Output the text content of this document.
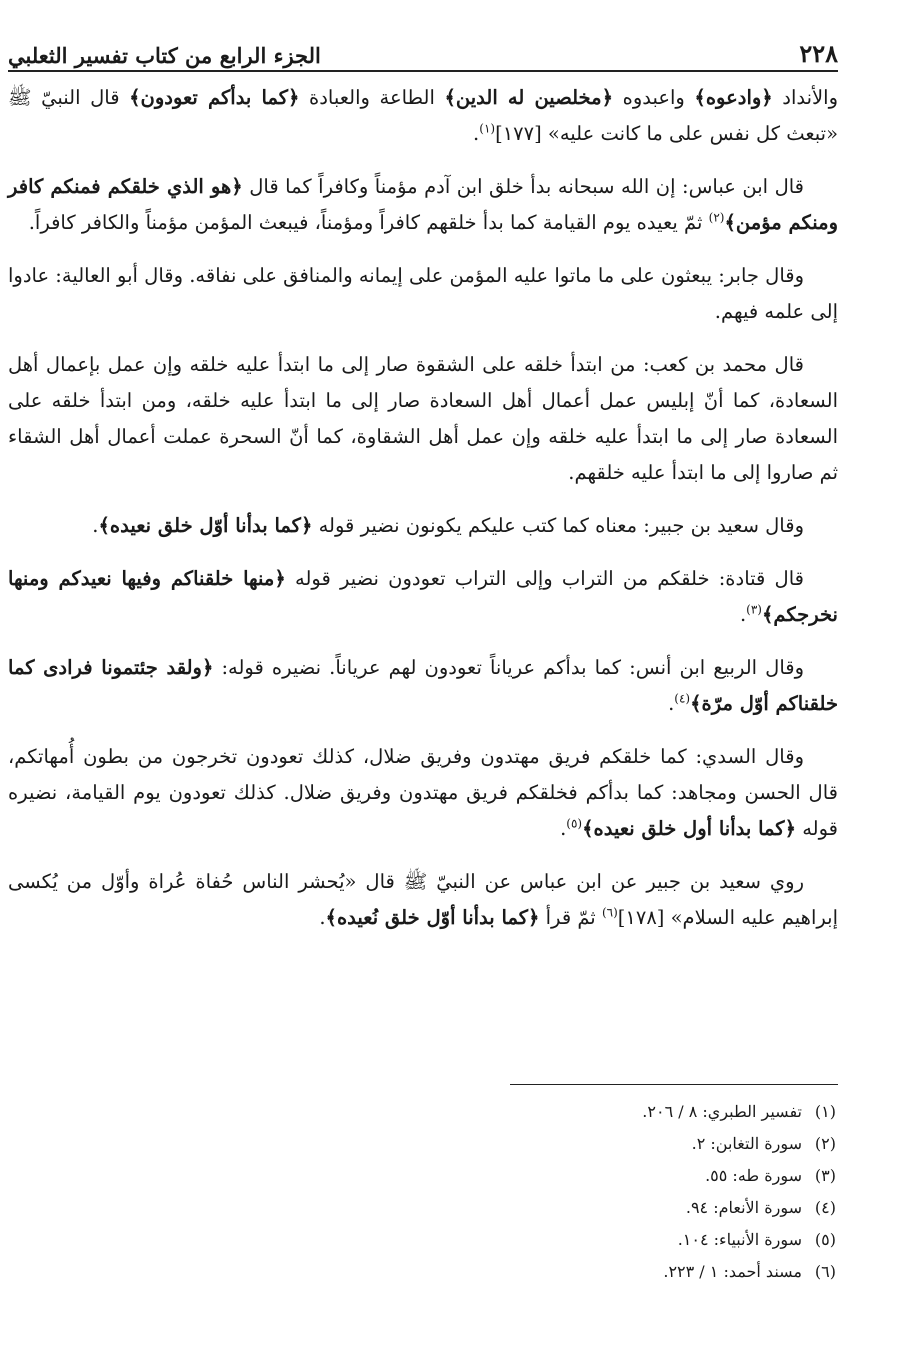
الجزء الرابع من كتاب تفسير الثعلبي	٢٢٨

والأنداد ﴿وادعوه﴾ واعبدوه ﴿مخلصين له الدين﴾ الطاعة والعبادة ﴿كما بدأكم تعودون﴾ قال النبيّ ﷺ «تبعث كل نفس على ما كانت عليه» [١٧٧]$^{(١)}$.

قال ابن عباس: إن الله سبحانه بدأ خلق ابن آدم مؤمناً وكافراً كما قال ﴿هو الذي خلقكم فمنكم كافر ومنكم مؤمن﴾$^{(٢)}$ ثمّ يعيده يوم القيامة كما بدأ خلقهم كافراً ومؤمناً، فيبعث المؤمن مؤمناً والكافر كافراً.

وقال جابر: يبعثون على ما ماتوا عليه المؤمن على إيمانه والمنافق على نفاقه. وقال أبو العالية: عادوا إلى علمه فيهم.

قال محمد بن كعب: من ابتدأ خلقه على الشقوة صار إلى ما ابتدأ عليه خلقه وإن عمل بإعمال أهل السعادة، كما أنّ إبليس عمل أعمال أهل السعادة صار إلى ما ابتدأ عليه خلقه، ومن ابتدأ خلقه على السعادة صار إلى ما ابتدأ عليه خلقه وإن عمل أهل الشقاوة، كما أنّ السحرة عملت أعمال أهل الشقاء ثم صاروا إلى ما ابتدأ عليه خلقهم.

وقال سعيد بن جبير: معناه كما كتب عليكم يكونون نضير قوله ﴿كما بدأنا أوّل خلق نعيده﴾.

قال قتادة: خلقكم من التراب وإلى التراب تعودون نضير قوله ﴿منها خلقناكم وفيها نعيدكم ومنها نخرجكم﴾$^{(٣)}$.

وقال الربيع ابن أنس: كما بدأكم عرياناً تعودون لهم عرياناً. نضيره قوله: ﴿ولقد جئتمونا فرادى كما خلقناكم أوّل مرّة﴾$^{(٤)}$.

وقال السدي: كما خلقكم فريق مهتدون وفريق ضلال، كذلك تعودون تخرجون من بطون أُمهاتكم، قال الحسن ومجاهد: كما بدأكم فخلقكم فريق مهتدون وفريق ضلال. كذلك تعودون يوم القيامة، نضيره قوله ﴿كما بدأنا أول خلق نعيده﴾$^{(٥)}$.

روي سعيد بن جبير عن ابن عباس عن النبيّ ﷺ قال «يُحشر الناس حُفاة عُراة وأوّل من يُكسى إبراهيم عليه السلام» [١٧٨]$^{(٦)}$ ثمّ قرأ ﴿كما بدأنا أوّل خلق نُعيده﴾.

(١)تفسير الطبري: ٨ / ٢٠٦.
(٢)سورة التغابن: ٢.
(٣)سورة طه: ٥٥.
(٤)سورة الأنعام: ٩٤.
(٥)سورة الأنبياء: ١٠٤.
(٦)مسند أحمد: ١ / ٢٢٣.
